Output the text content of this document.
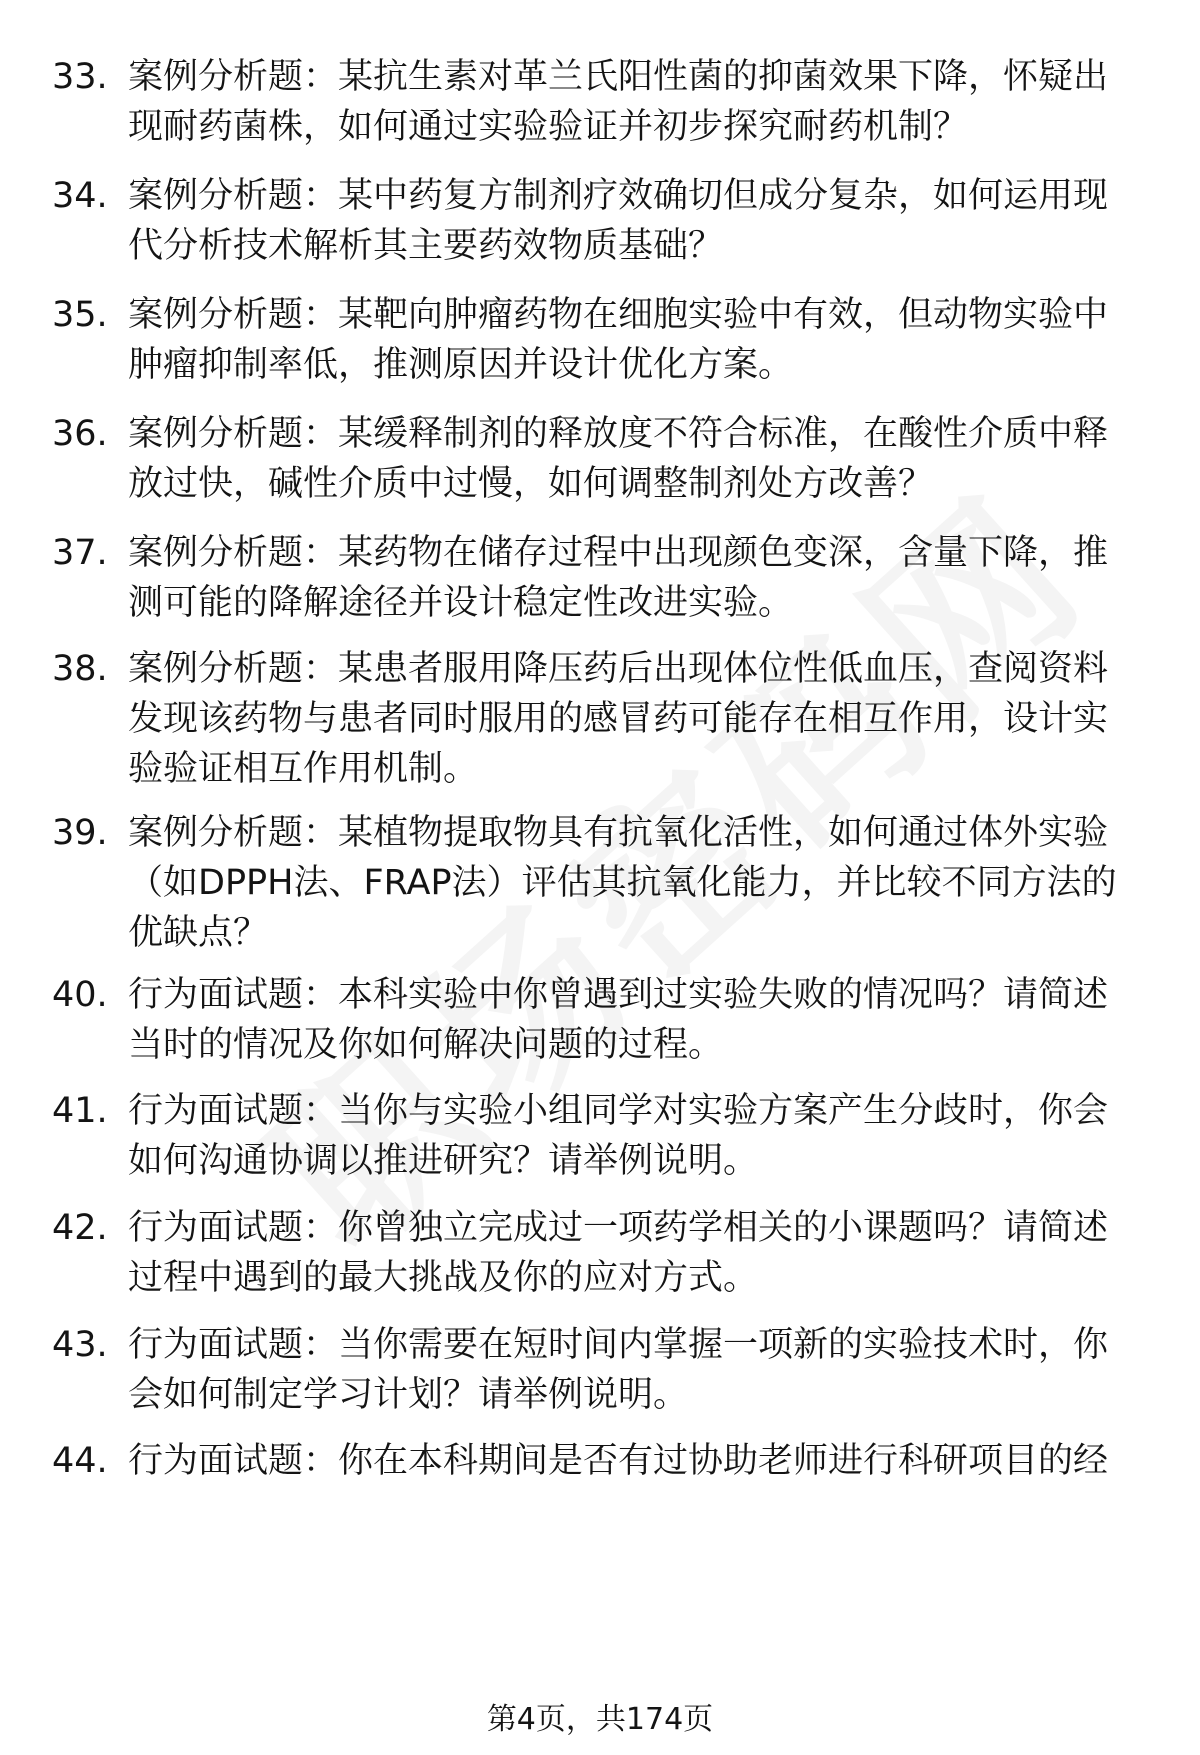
33. 案例分析题：某抗生素对革兰氏阳性菌的抑菌效果下降，怀疑出现耐药菌株，如何通过实验验证并初步探究耐药机制？
34. 案例分析题：某中药复方制剂疗效确切但成分复杂，如何运用现代分析技术解析其主要药效物质基础？
35. 案例分析题：某靶向肿瘤药物在细胞实验中有效，但动物实验中肿瘤抑制率低，推测原因并设计优化方案。
36. 案例分析题：某缓释制剂的释放度不符合标准，在酸性介质中释放过快，碱性介质中过慢，如何调整制剂处方改善？
37. 案例分析题：某药物在储存过程中出现颜色变深，含量下降，推测可能的降解途径并设计稳定性改进实验。
38. 案例分析题：某患者服用降压药后出现体位性低血压，查阅资料发现该药物与患者同时服用的感冒药可能存在相互作用，设计实验验证相互作用机制。
39. 案例分析题：某植物提取物具有抗氧化活性，如何通过体外实验（如DPPH法、FRAP法）评估其抗氧化能力，并比较不同方法的优缺点？
40. 行为面试题：本科实验中你曾遇到过实验失败的情况吗？请简述当时的情况及你如何解决问题的过程。
41. 行为面试题：当你与实验小组同学对实验方案产生分歧时，你会如何沟通协调以推进研究？请举例说明。
42. 行为面试题：你曾独立完成过一项药学相关的小课题吗？请简述过程中遇到的最大挑战及你的应对方式。
43. 行为面试题：当你需要在短时间内掌握一项新的实验技术时，你会如何制定学习计划？请举例说明。
44. 行为面试题：你在本科期间是否有过协助老师进行科研项目的经
第4页，共174页
